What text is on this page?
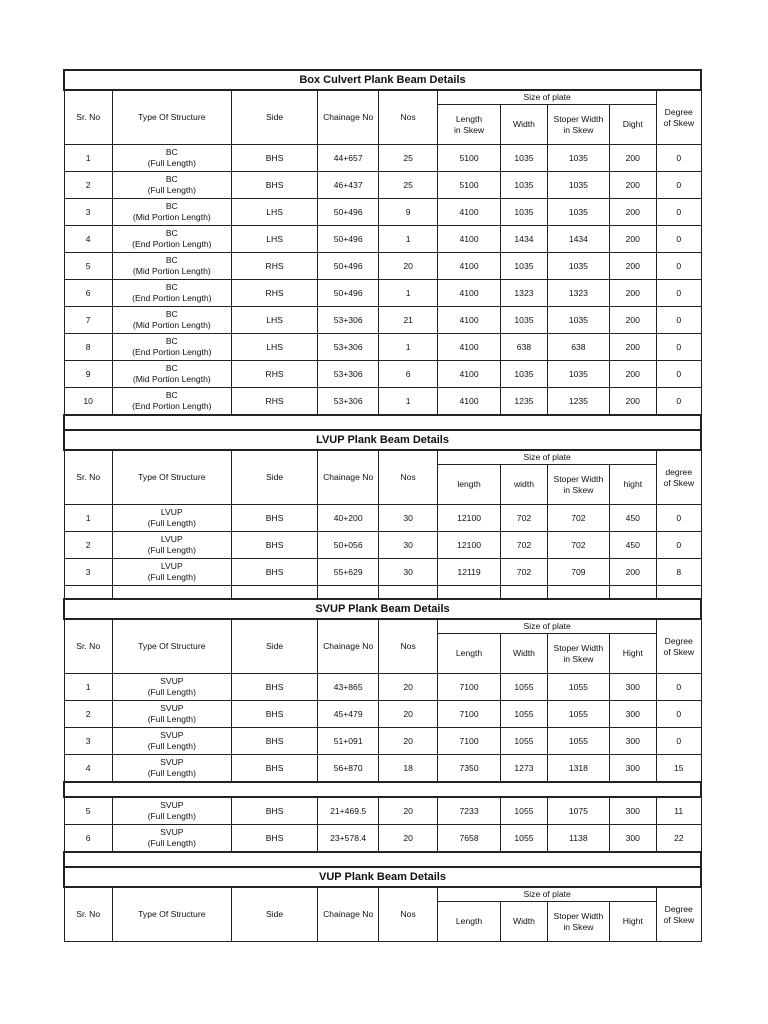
Box Culvert Plank Beam Details									
Sr. No	Type Of Structure	Side	Chainage No	Nos	Size of plate				Degree
of Skew
					Length
in Skew	Width	Stoper Width
in Skew	Dight	
1	BC
(Full Length)	BHS	44+657	25	5100	1035	1035	200	0
2	BC
(Full Length)	BHS	46+437	25	5100	1035	1035	200	0
3	BC
(Mid Portion Length)	LHS	50+496	9	4100	1035	1035	200	0
4	BC
(End Portion Length)	LHS	50+496	1	4100	1434	1434	200	0
5	BC
(Mid Portion Length)	RHS	50+496	20	4100	1035	1035	200	0
6	BC
(End Portion Length)	RHS	50+496	1	4100	1323	1323	200	0
7	BC
(Mid Portion Length)	LHS	53+306	21	4100	1035	1035	200	0
8	BC
(End Portion Length)	LHS	53+306	1	4100	638	638	200	0
9	BC
(Mid Portion Length)	RHS	53+306	6	4100	1035	1035	200	0
10	BC
(End Portion Length)	RHS	53+306	1	4100	1235	1235	200	0

LVUP Plank Beam Details									
Sr. No	Type Of Structure	Side	Chainage No	Nos	Size of plate				degree
of Skew
					length	width	Stoper Width
in Skew	hight	
1	LVUP
(Full Length)	BHS	40+200	30	12100	702	702	450	0
2	LVUP
(Full Length)	BHS	50+056	30	12100	702	702	450	0
3	LVUP
(Full Length)	BHS	55+629	30	12119	702	709	200	8

SVUP Plank Beam Details									
Sr. No	Type Of Structure	Side	Chainage No	Nos	Size of plate				Degree
of Skew
					Length	Width	Stoper Width
in Skew	Hight	
1	SVUP
(Full Length)	BHS	43+865	20	7100	1055	1055	300	0
2	SVUP
(Full Length)	BHS	45+479	20	7100	1055	1055	300	0
3	SVUP
(Full Length)	BHS	51+091	20	7100	1055	1055	300	0
4	SVUP
(Full Length)	BHS	56+870	18	7350	1273	1318	300	15

5	SVUP
(Full Length)	BHS	21+469.5	20	7233	1055	1075	300	11
6	SVUP
(Full Length)	BHS	23+578.4	20	7658	1055	1138	300	22

VUP Plank Beam Details									
Sr. No	Type Of Structure	Side	Chainage No	Nos	Size of plate				Degree
of Skew
					Length	Width	Stoper Width
in Skew	Hight	
